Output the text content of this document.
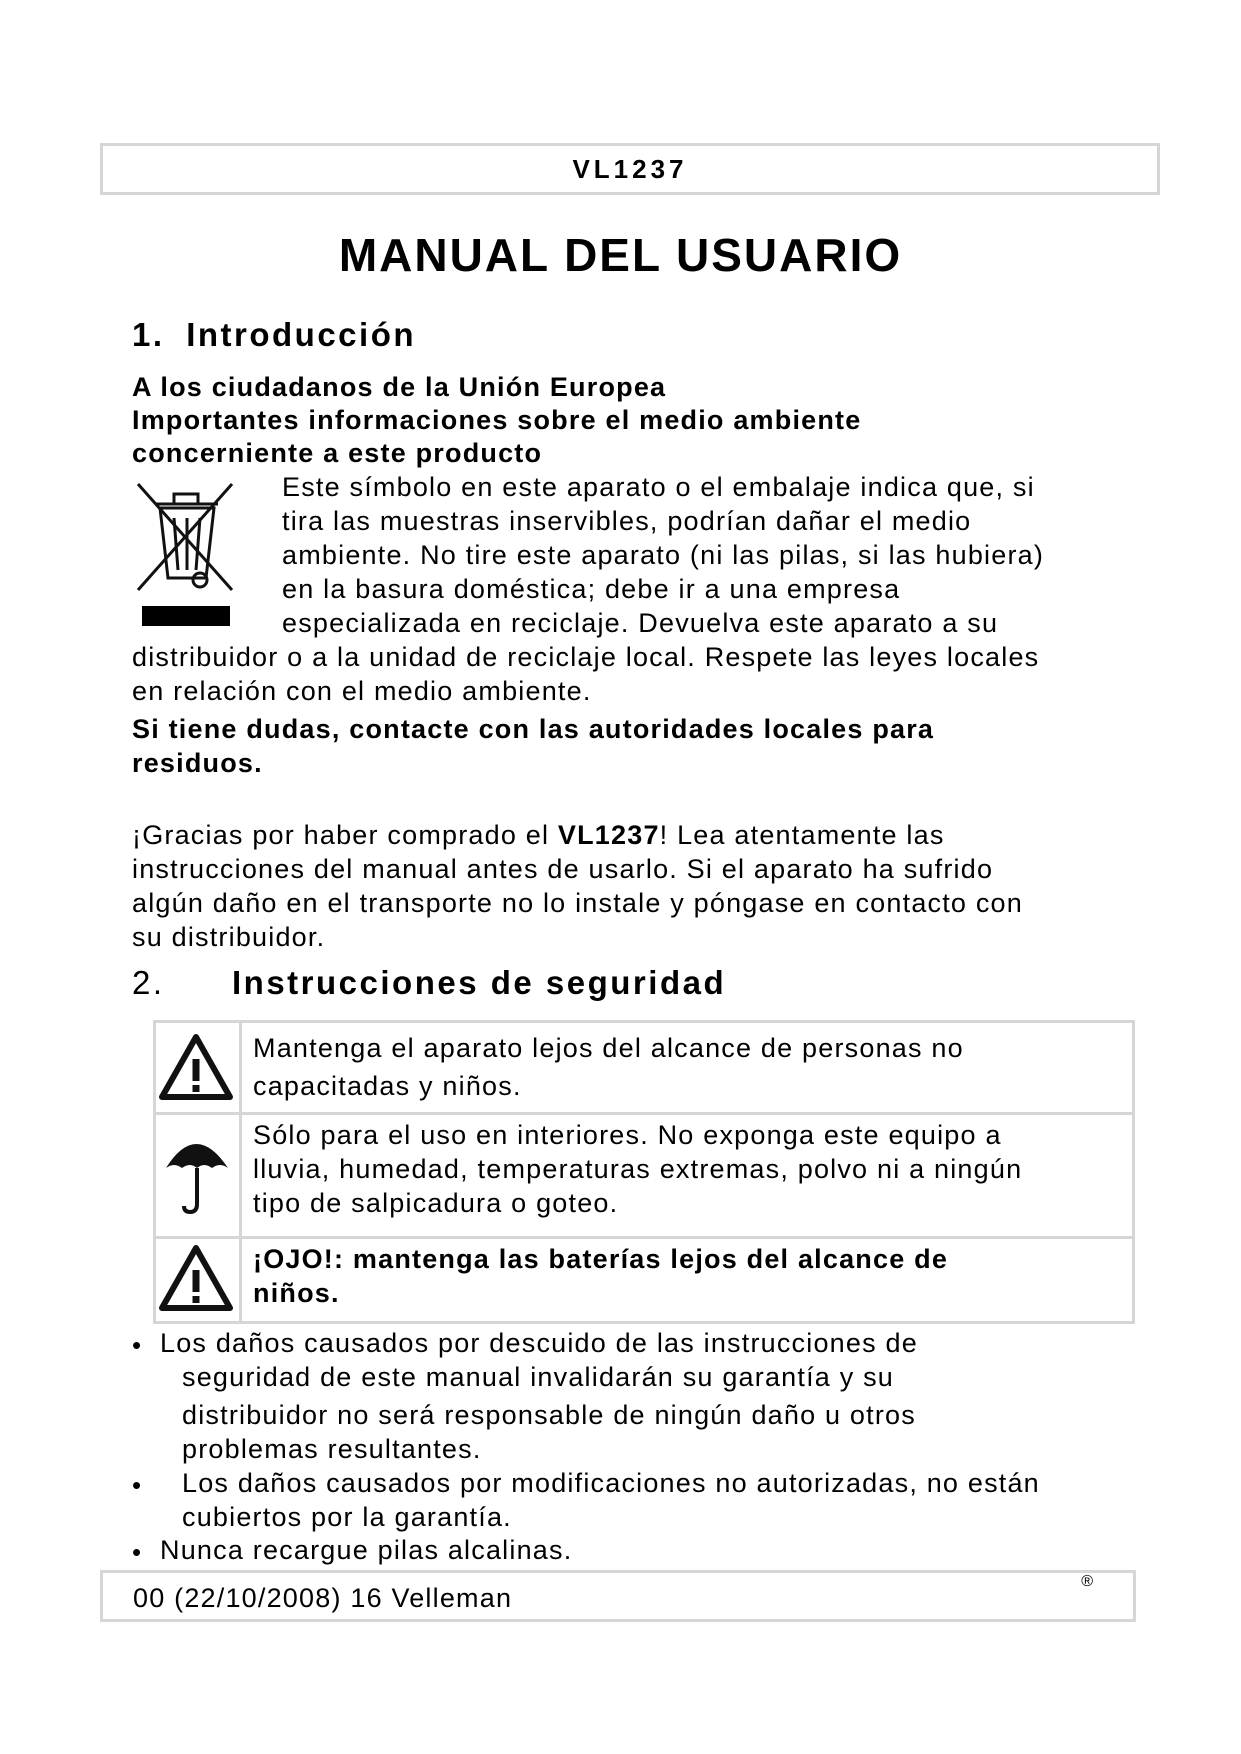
VL1237
MANUAL DEL USUARIO
1. Introducción
A los ciudadanos de la Unión Europea
Importantes informaciones sobre el medio ambiente
concerniente a este producto
Este símbolo en este aparato o el embalaje indica que, si
tira las muestras inservibles, podrían dañar el medio
ambiente. No tire este aparato (ni las pilas, si las hubiera)
en la basura doméstica; debe ir a una empresa
especializada en reciclaje. Devuelva este aparato a su
distribuidor o a la unidad de reciclaje local. Respete las leyes locales
en relación con el medio ambiente.
Si tiene dudas, contacte con las autoridades locales para
residuos.
¡Gracias por haber comprado el VL1237! Lea atentamente las
instrucciones del manual antes de usarlo. Si el aparato ha sufrido
algún daño en el transporte no lo instale y póngase en contacto con
su distribuidor.
2. Instrucciones de seguridad
Mantenga el aparato lejos del alcance de personas no
capacitadas y niños.
Sólo para el uso en interiores. No exponga este equipo a
lluvia, humedad, temperaturas extremas, polvo ni a ningún
tipo de salpicadura o goteo.
¡OJO!: mantenga las baterías lejos del alcance de
niños.
• Los daños causados por descuido de las instrucciones de
seguridad de este manual invalidarán su garantía y su
distribuidor no será responsable de ningún daño u otros
problemas resultantes.
• Los daños causados por modificaciones no autorizadas, no están
cubiertos por la garantía.
• Nunca recargue pilas alcalinas.
00 (22/10/2008) 16 Velleman
®
